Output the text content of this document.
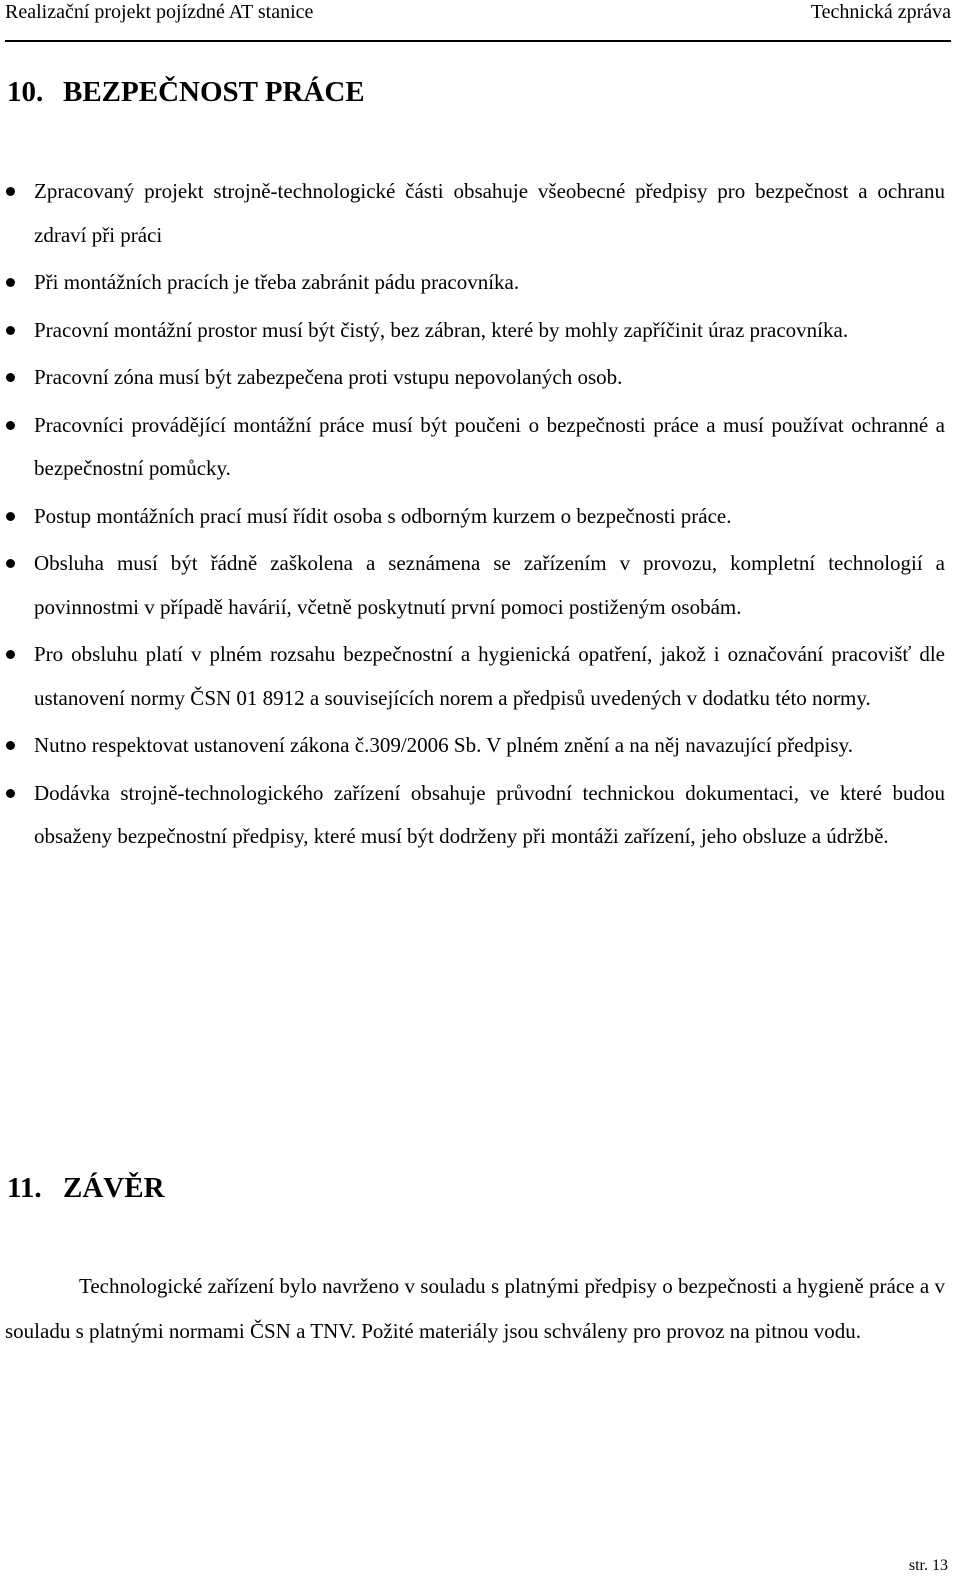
Realizační projekt pojízdné AT stanice	Technická zpráva
10. BEZPEČNOST PRÁCE
Zpracovaný projekt strojně-technologické části obsahuje všeobecné předpisy pro bezpečnost a ochranu zdraví při práci
Při montážních pracích je třeba zabránit pádu pracovníka.
Pracovní montážní prostor musí být čistý, bez zábran, které by mohly zapříčinit úraz pracovníka.
Pracovní zóna musí být zabezpečena proti vstupu nepovolaných osob.
Pracovníci provádějící montážní práce musí být poučeni o bezpečnosti práce a musí používat ochranné a bezpečnostní pomůcky.
Postup montážních prací musí řídit osoba s odborným kurzem o bezpečnosti práce.
Obsluha musí být řádně zaškolena a seznámena se zařízením v provozu, kompletní technologií a povinnostmi v případě havárií, včetně poskytnutí první pomoci postiženým osobám.
Pro obsluhu platí v plném rozsahu bezpečnostní a hygienická opatření, jakož i označování pracovišť dle ustanovení normy ČSN 01 8912 a souvisejících norem a předpisů uvedených v dodatku této normy.
Nutno respektovat ustanovení zákona č.309/2006 Sb. V plném znění a na něj navazující předpisy.
Dodávka strojně-technologického zařízení obsahuje průvodní technickou dokumentaci, ve které budou obsaženy bezpečnostní předpisy, které musí být dodrženy při montáži zařízení, jeho obsluze a údržbě.
11. ZÁVĚR

Technologické zařízení bylo navrženo v souladu s platnými předpisy o bezpečnosti a hygieně práce a v souladu s platnými normami ČSN a TNV. Požité materiály jsou schváleny pro provoz na pitnou vodu.

str. 13
